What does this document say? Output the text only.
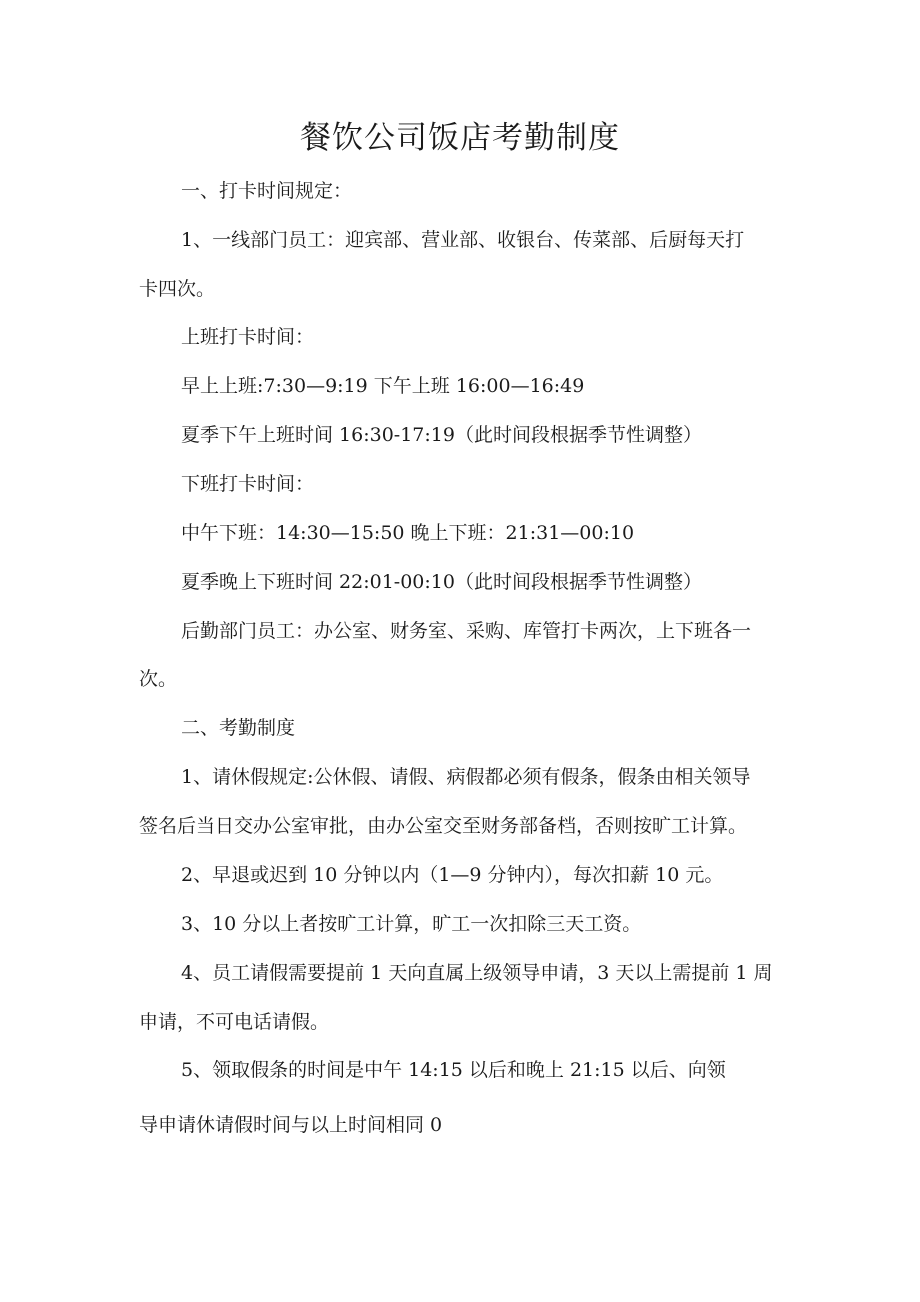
餐饮公司饭店考勤制度
一、打卡时间规定：
1、一线部门员工：迎宾部、营业部、收银台、传菜部、后厨每天打
卡四次。
上班打卡时间：
早上上班:7:30—9:19 下午上班 16:00—16:49
夏季下午上班时间 16:30-17:19（此时间段根据季节性调整）
下班打卡时间：
中午下班：14:30—15:50 晚上下班：21:31—00:10
夏季晚上下班时间 22:01-00:10（此时间段根据季节性调整）
后勤部门员工：办公室、财务室、采购、库管打卡两次，上下班各一
次。
二、考勤制度
1、请休假规定:公休假、请假、病假都必须有假条，假条由相关领导
签名后当日交办公室审批，由办公室交至财务部备档，否则按旷工计算。
2、早退或迟到 10 分钟以内（1—9 分钟内），每次扣薪 10 元。
3、10 分以上者按旷工计算，旷工一次扣除三天工资。
4、员工请假需要提前 1 天向直属上级领导申请，3 天以上需提前 1 周
申请，不可电话请假。
5、领取假条的时间是中午 14:15 以后和晚上 21:15 以后、向领
导申请休请假时间与以上时间相同 0
